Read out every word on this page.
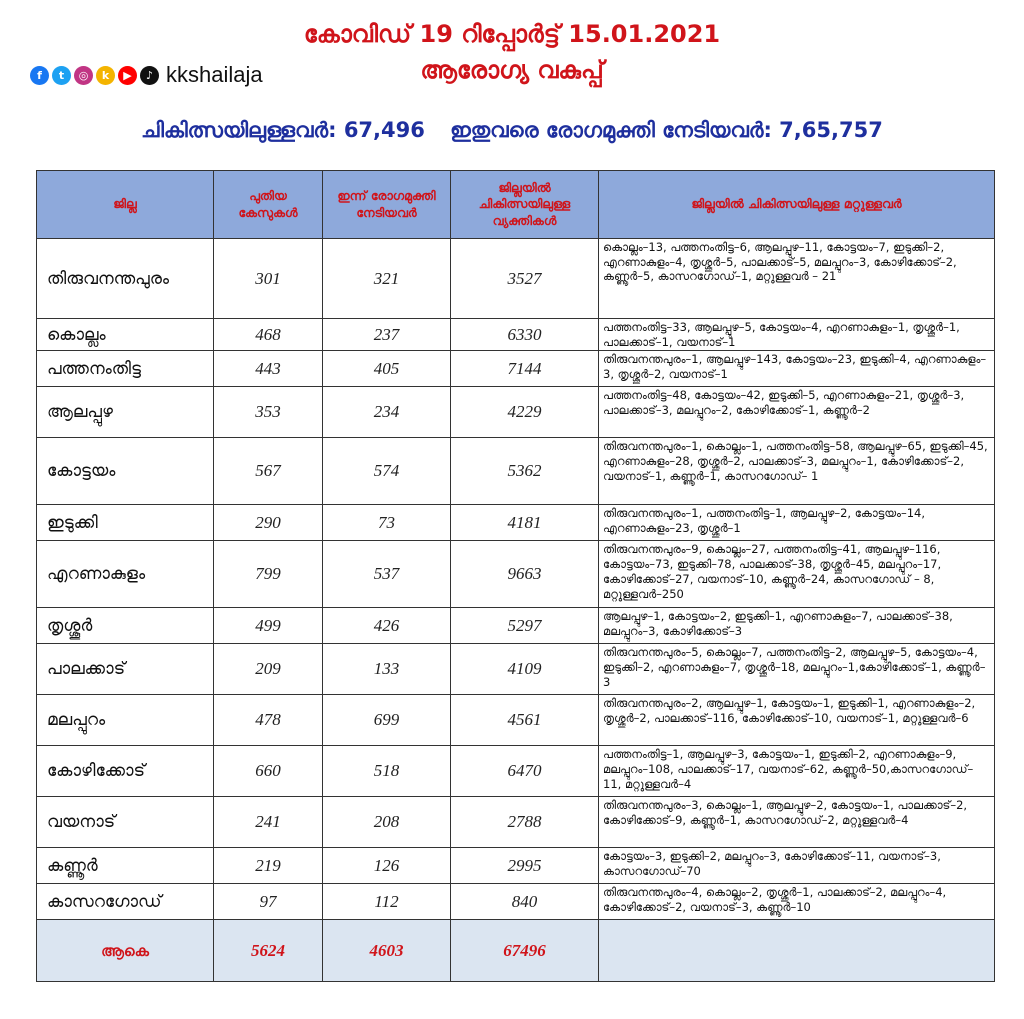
കോവിഡ് 19 റിപ്പോർട്ട് 15.01.2021
ആരോഗ്യ വകുപ്പ്
f	t	◎	k	▶	♪ kkshailaja
ചികിത്സയിലുള്ളവർ: 67,496 ഇതുവരെ രോഗമുക്തി നേടിയവർ: 7,65,757
ജില്ല	പുതിയ കേസുകൾ	ഇന്ന് രോഗമുക്തി നേടിയവർ	ജില്ലയിൽ ചികിത്സയിലുള്ള വ്യക്തികൾ	ജില്ലയിൽ ചികിത്സയിലുള്ള മറ്റുള്ളവർ
തിരുവനന്തപുരം	301	321	3527	കൊല്ലം–13, പത്തനംതിട്ട–6, ആലപ്പുഴ–11, കോട്ടയം–7, ഇടുക്കി–2, എറണാകുളം–4, തൃശ്ശൂർ–5, പാലക്കാട്–5, മലപ്പുറം–3, കോഴിക്കോട്–2, കണ്ണൂർ–5, കാസറഗോഡ്–1, മറ്റുള്ളവർ – 21
കൊല്ലം	468	237	6330	പത്തനംതിട്ട–33, ആലപ്പുഴ–5, കോട്ടയം–4, എറണാകുളം–1, തൃശ്ശൂർ–1, പാലക്കാട്–1, വയനാട്–1
പത്തനംതിട്ട	443	405	7144	തിരുവനന്തപുരം–1, ആലപ്പുഴ–143, കോട്ടയം–23, ഇടുക്കി–4, എറണാകുളം–3, തൃശ്ശൂർ–2, വയനാട്–1
ആലപ്പുഴ	353	234	4229	പത്തനംതിട്ട–48, കോട്ടയം–42, ഇടുക്കി–5, എറണാകുളം–21, തൃശ്ശൂർ–3, പാലക്കാട്–3, മലപ്പുറം–2, കോഴിക്കോട്–1, കണ്ണൂർ–2
കോട്ടയം	567	574	5362	തിരുവനന്തപുരം–1, കൊല്ലം–1, പത്തനംതിട്ട–58, ആലപ്പുഴ–65, ഇടുക്കി–45, എറണാകുളം–28, തൃശ്ശൂർ–2, പാലക്കാട്–3, മലപ്പുറം–1, കോഴിക്കോട്–2, വയനാട്–1, കണ്ണൂർ–1, കാസറഗോഡ്– 1
ഇടുക്കി	290	73	4181	തിരുവനന്തപുരം–1, പത്തനംതിട്ട–1, ആലപ്പുഴ–2, കോട്ടയം–14, എറണാകുളം–23, തൃശ്ശൂർ–1
എറണാകുളം	799	537	9663	തിരുവനന്തപുരം–9, കൊല്ലം–27, പത്തനംതിട്ട–41, ആലപ്പുഴ–116, കോട്ടയം–73, ഇടുക്കി–78, പാലക്കാട്–38, തൃശ്ശൂർ–45, മലപ്പുറം–17, കോഴിക്കോട്–27, വയനാട്–10, കണ്ണൂർ–24, കാസറഗോഡ് – 8, മറ്റുള്ളവർ–250
തൃശ്ശൂർ	499	426	5297	ആലപ്പുഴ–1, കോട്ടയം–2, ഇടുക്കി–1, എറണാകുളം–7, പാലക്കാട്–38, മലപ്പുറം–3, കോഴിക്കോട്–3
പാലക്കാട്	209	133	4109	തിരുവനന്തപുരം–5, കൊല്ലം–7, പത്തനംതിട്ട–2, ആലപ്പുഴ–5, കോട്ടയം–4, ഇടുക്കി–2, എറണാകുളം–7, തൃശ്ശൂർ–18, മലപ്പുറം–1,കോഴിക്കോട്–1, കണ്ണൂർ–3
മലപ്പുറം	478	699	4561	തിരുവനന്തപുരം–2, ആലപ്പുഴ–1, കോട്ടയം–1, ഇടുക്കി–1, എറണാകുളം–2, തൃശ്ശൂർ–2, പാലക്കാട്–116, കോഴിക്കോട്–10, വയനാട്–1, മറ്റുള്ളവർ–6
കോഴിക്കോട്	660	518	6470	പത്തനംതിട്ട–1, ആലപ്പുഴ–3, കോട്ടയം–1, ഇടുക്കി–2, എറണാകുളം–9, മലപ്പുറം–108, പാലക്കാട്–17, വയനാട്–62, കണ്ണൂർ–50,കാസറഗോഡ്–11, മറ്റുള്ളവർ–4
വയനാട്	241	208	2788	തിരുവനന്തപുരം–3, കൊല്ലം–1, ആലപ്പുഴ–2, കോട്ടയം–1, പാലക്കാട്–2, കോഴിക്കോട്–9, കണ്ണൂർ–1, കാസറഗോഡ്–2, മറ്റുള്ളവർ–4
കണ്ണൂർ	219	126	2995	കോട്ടയം–3, ഇടുക്കി–2, മലപ്പുറം–3, കോഴിക്കോട്–11, വയനാട്–3, കാസറഗോഡ്–70
കാസറഗോഡ്	97	112	840	തിരുവനന്തപുരം–4, കൊല്ലം–2, തൃശ്ശൂർ–1, പാലക്കാട്–2, മലപ്പുറം–4, കോഴിക്കോട്–2, വയനാട്–3, കണ്ണൂർ–10
ആകെ	5624	4603	67496	
